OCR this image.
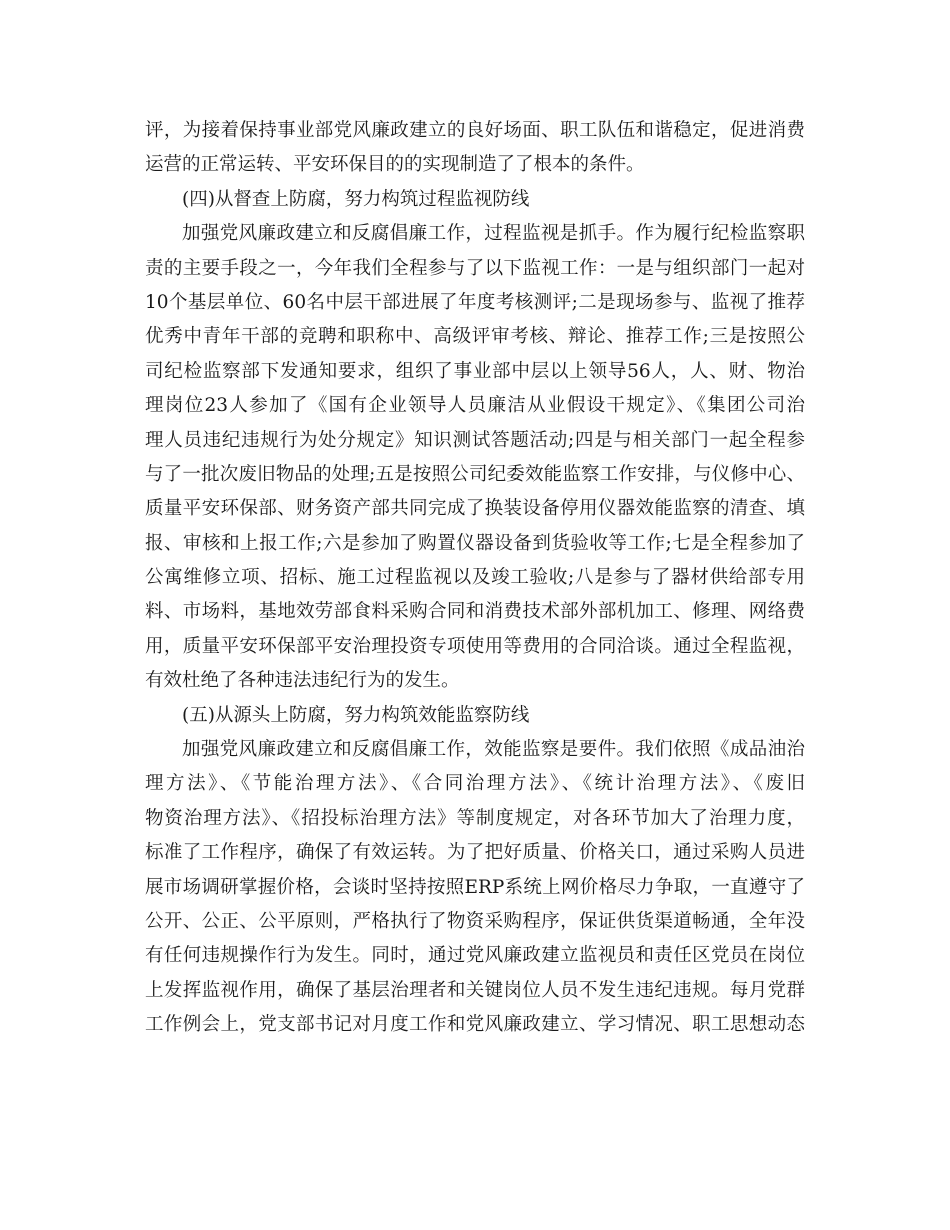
评，为接着保持事业部党风廉政建立的良好场面、职工队伍和谐稳定，促进消费
运营的正常运转、平安环保目的的实现制造了了根本的条件。
(四)从督查上防腐，努力构筑过程监视防线
加强党风廉政建立和反腐倡廉工作，过程监视是抓手。作为履行纪检监察职
责的主要手段之一，今年我们全程参与了以下监视工作：一是与组织部门一起对
10个基层单位、60名中层干部进展了年度考核测评;二是现场参与、监视了推荐
优秀中青年干部的竞聘和职称中、高级评审考核、辩论、推荐工作;三是按照公
司纪检监察部下发通知要求，组织了事业部中层以上领导56人，人、财、物治
理岗位23人参加了《国有企业领导人员廉洁从业假设干规定》、《集团公司治
理人员违纪违规行为处分规定》知识测试答题活动;四是与相关部门一起全程参
与了一批次废旧物品的处理;五是按照公司纪委效能监察工作安排，与仪修中心、
质量平安环保部、财务资产部共同完成了换装设备停用仪器效能监察的清查、填
报、审核和上报工作;六是参加了购置仪器设备到货验收等工作;七是全程参加了
公寓维修立项、招标、施工过程监视以及竣工验收;八是参与了器材供给部专用
料、市场料，基地效劳部食料采购合同和消费技术部外部机加工、修理、网络费
用，质量平安环保部平安治理投资专项使用等费用的合同洽谈。通过全程监视，
有效杜绝了各种违法违纪行为的发生。
(五)从源头上防腐，努力构筑效能监察防线
加强党风廉政建立和反腐倡廉工作，效能监察是要件。我们依照《成品油治
理方法》、《节能治理方法》、《合同治理方法》、《统计治理方法》、《废旧
物资治理方法》、《招投标治理方法》等制度规定，对各环节加大了治理力度，
标准了工作程序，确保了有效运转。为了把好质量、价格关口，通过采购人员进
展市场调研掌握价格，会谈时坚持按照ERP系统上网价格尽力争取，一直遵守了
公开、公正、公平原则，严格执行了物资采购程序，保证供货渠道畅通，全年没
有任何违规操作行为发生。同时，通过党风廉政建立监视员和责任区党员在岗位
上发挥监视作用，确保了基层治理者和关键岗位人员不发生违纪违规。每月党群
工作例会上，党支部书记对月度工作和党风廉政建立、学习情况、职工思想动态
